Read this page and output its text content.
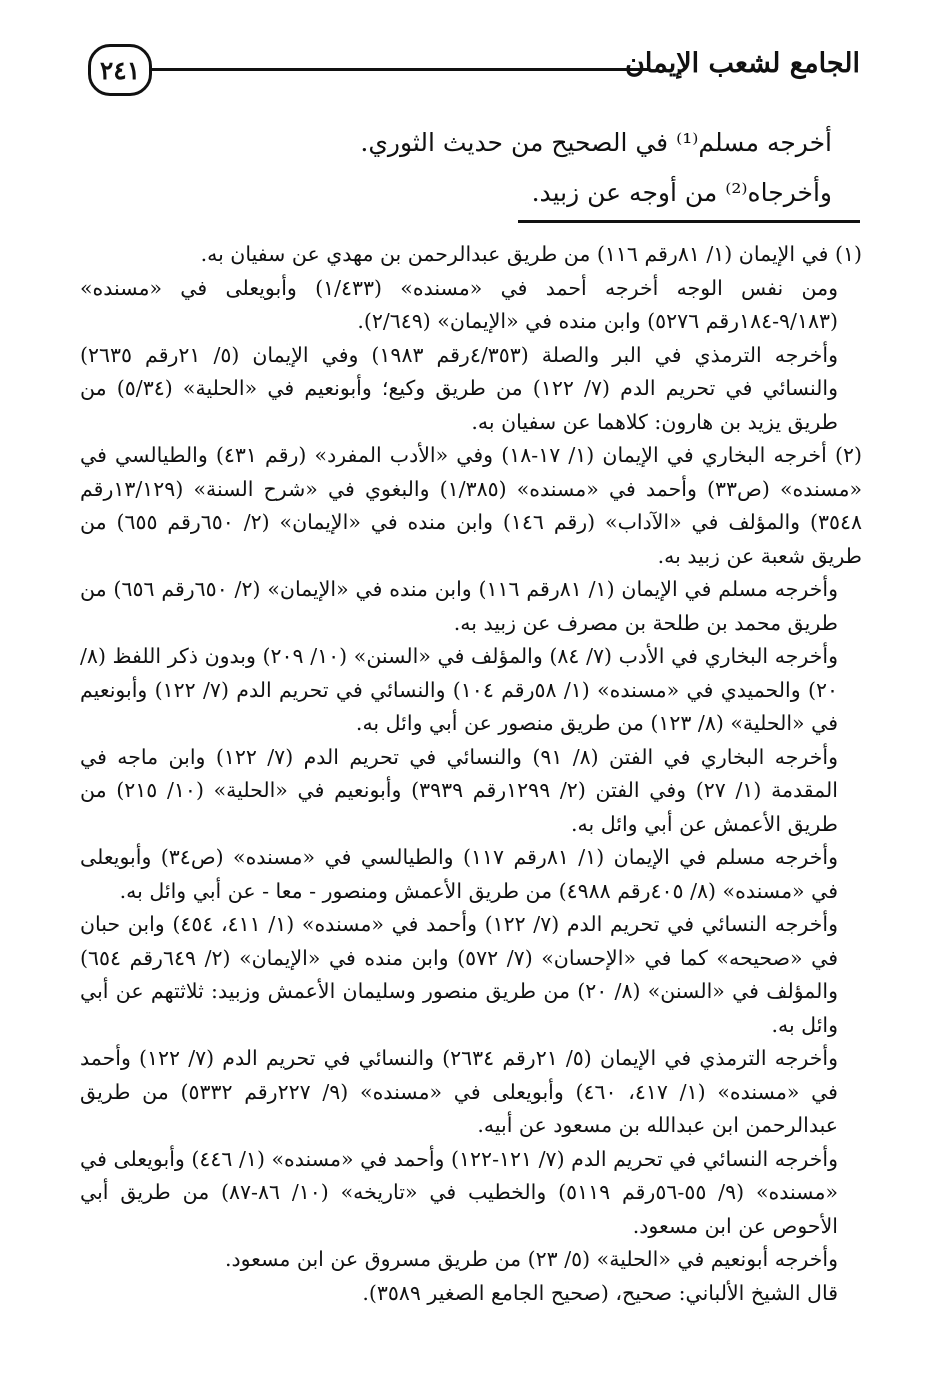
٢٤١	الجامع لشعب الإيمان

أخرجه مسلم⁽¹⁾ في الصحيح من حديث الثوري.

وأخرجاه⁽²⁾ من أوجه عن زبيد.

(١) في الإيمان (١/ ٨١رقم ١١٦) من طريق عبدالرحمن بن مهدي عن سفيان به.

ومن نفس الوجه أخرجه أحمد في «مسنده» (١/٤٣٣) وأبويعلى في «مسنده» (٩/١٨٣-١٨٤رقم ٥٢٧٦) وابن منده في «الإيمان» (٢/٦٤٩).

وأخرجه الترمذي في البر والصلة (٤/٣٥٣رقم ١٩٨٣) وفي الإيمان (٥/ ٢١رقم ٢٦٣٥) والنسائي في تحريم الدم (٧/ ١٢٢) من طريق وكيع؛ وأبونعيم في «الحلية» (٥/٣٤) من طريق يزيد بن هارون: كلاهما عن سفيان به.

(٢) أخرجه البخاري في الإيمان (١/ ١٧-١٨) وفي «الأدب المفرد» (رقم ٤٣١) والطيالسي في «مسنده» (ص٣٣) وأحمد في «مسنده» (١/٣٨٥) والبغوي في «شرح السنة» (١٣/١٢٩رقم ٣٥٤٨) والمؤلف في «الآداب» (رقم ١٤٦) وابن منده في «الإيمان» (٢/ ٦٥٠رقم ٦٥٥) من طريق شعبة عن زبيد به.

وأخرجه مسلم في الإيمان (١/ ٨١رقم ١١٦) وابن منده في «الإيمان» (٢/ ٦٥٠رقم ٦٥٦) من طريق محمد بن طلحة بن مصرف عن زبيد به.

وأخرجه البخاري في الأدب (٧/ ٨٤) والمؤلف في «السنن» (١٠/ ٢٠٩) وبدون ذكر اللفظ (٨/ ٢٠) والحميدي في «مسنده» (١/ ٥٨رقم ١٠٤) والنسائي في تحريم الدم (٧/ ١٢٢) وأبونعيم في «الحلية» (٨/ ١٢٣) من طريق منصور عن أبي وائل به.

وأخرجه البخاري في الفتن (٨/ ٩١) والنسائي في تحريم الدم (٧/ ١٢٢) وابن ماجه في المقدمة (١/ ٢٧) وفي الفتن (٢/ ١٢٩٩رقم ٣٩٣٩) وأبونعيم في «الحلية» (١٠/ ٢١٥) من طريق الأعمش عن أبي وائل به.

وأخرجه مسلم في الإيمان (١/ ٨١رقم ١١٧) والطيالسي في «مسنده» (ص٣٤) وأبويعلى في «مسنده» (٨/ ٤٠٥رقم ٤٩٨٨) من طريق الأعمش ومنصور - معا - عن أبي وائل به.

وأخرجه النسائي في تحريم الدم (٧/ ١٢٢) وأحمد في «مسنده» (١/ ٤١١، ٤٥٤) وابن حبان في «صحيحه» كما في «الإحسان» (٧/ ٥٧٢) وابن منده في «الإيمان» (٢/ ٦٤٩رقم ٦٥٤) والمؤلف في «السنن» (٨/ ٢٠) من طريق منصور وسليمان الأعمش وزبيد: ثلاثتهم عن أبي وائل به.

وأخرجه الترمذي في الإيمان (٥/ ٢١رقم ٢٦٣٤) والنسائي في تحريم الدم (٧/ ١٢٢) وأحمد في «مسنده» (١/ ٤١٧، ٤٦٠) وأبويعلى في «مسنده» (٩/ ٢٢٧رقم ٥٣٣٢) من طريق عبدالرحمن ابن عبدالله بن مسعود عن أبيه.

وأخرجه النسائي في تحريم الدم (٧/ ١٢١-١٢٢) وأحمد في «مسنده» (١/ ٤٤٦) وأبويعلى في «مسنده» (٩/ ٥٥-٥٦رقم ٥١١٩) والخطيب في «تاريخه» (١٠/ ٨٦-٨٧) من طريق أبي الأحوص عن ابن مسعود.

وأخرجه أبونعيم في «الحلية» (٥/ ٢٣) من طريق مسروق عن ابن مسعود.

قال الشيخ الألباني: صحيح، (صحيح الجامع الصغير ٣٥٨٩).
